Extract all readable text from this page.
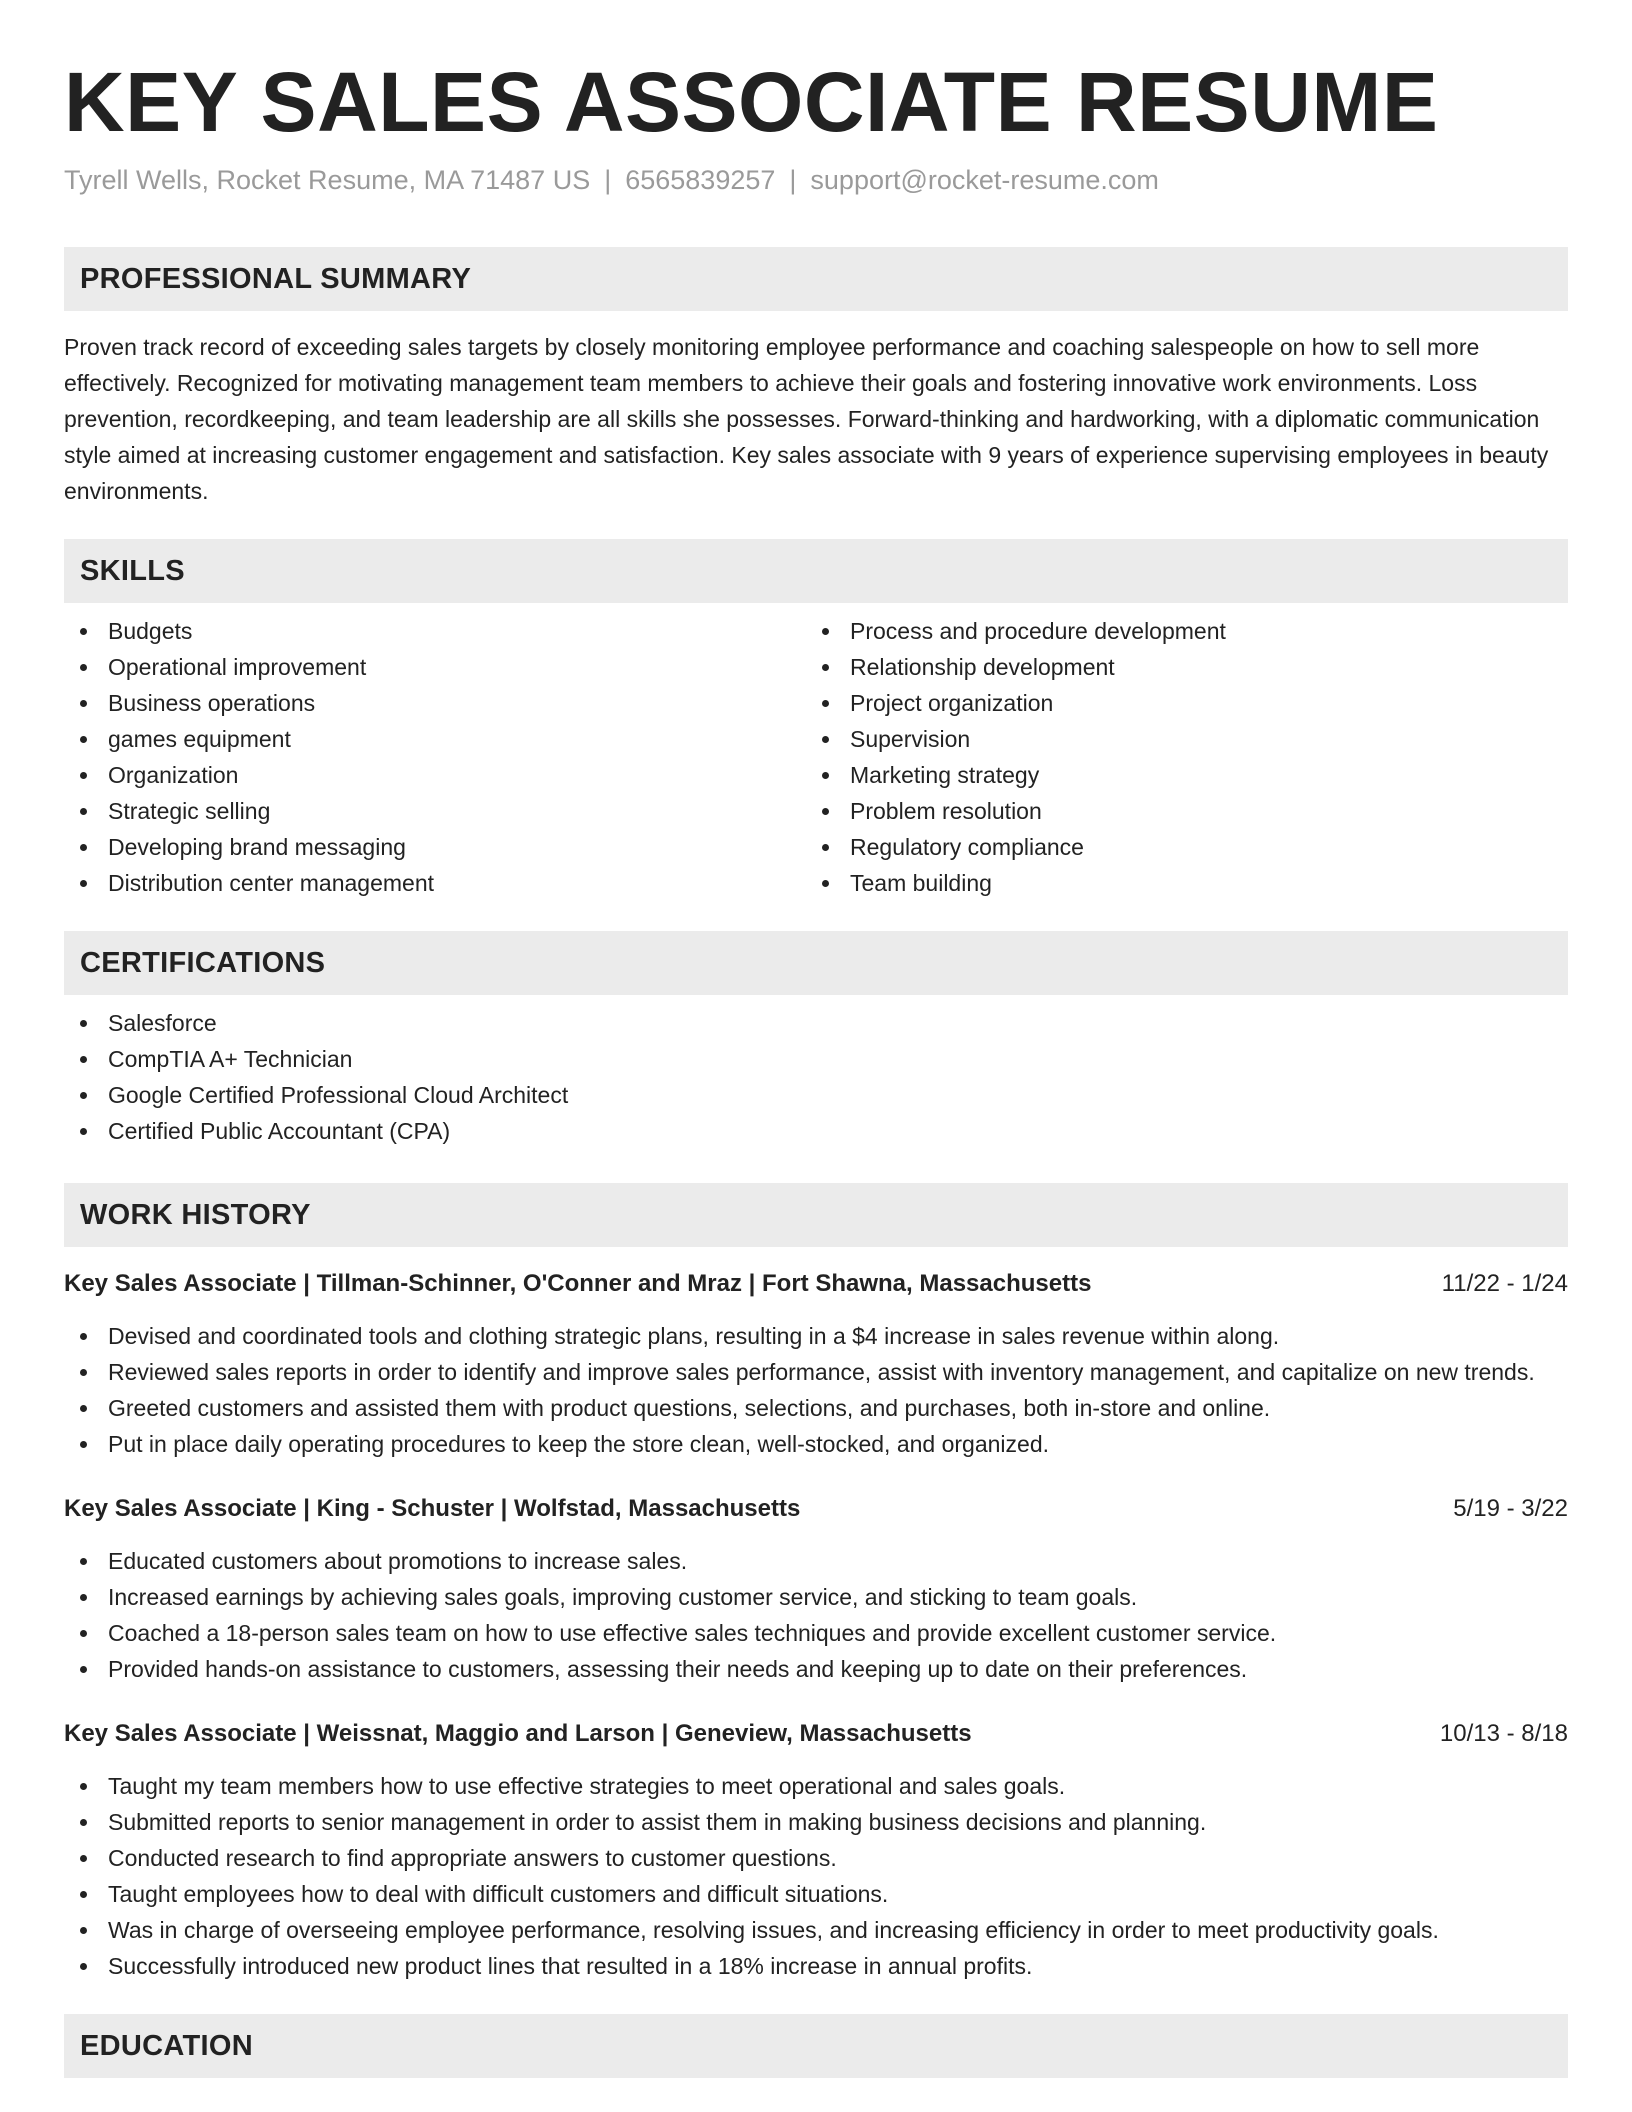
KEY SALES ASSOCIATE RESUME
Tyrell Wells, Rocket Resume, MA 71487 US | 6565839257 | support@rocket-resume.com
PROFESSIONAL SUMMARY

Proven track record of exceeding sales targets by closely monitoring employee performance and coaching salespeople on how to sell more effectively. Recognized for motivating management team members to achieve their goals and fostering innovative work environments. Loss prevention, recordkeeping, and team leadership are all skills she possesses. Forward-thinking and hardworking, with a diplomatic communication style aimed at increasing customer engagement and satisfaction. Key sales associate with 9 years of experience supervising employees in beauty environments.

SKILLS
Budgets
Operational improvement
Business operations
games equipment
Organization
Strategic selling
Developing brand messaging
Distribution center management
Process and procedure development
Relationship development
Project organization
Supervision
Marketing strategy
Problem resolution
Regulatory compliance
Team building
CERTIFICATIONS
Salesforce
CompTIA A+ Technician
Google Certified Professional Cloud Architect
Certified Public Accountant (CPA)
WORK HISTORY
Key Sales Associate | Tillman-Schinner, O'Conner and Mraz | Fort Shawna, Massachusetts	11/22 - 1/24
Devised and coordinated tools and clothing strategic plans, resulting in a $4 increase in sales revenue within along.
Reviewed sales reports in order to identify and improve sales performance, assist with inventory management, and capitalize on new trends.
Greeted customers and assisted them with product questions, selections, and purchases, both in-store and online.
Put in place daily operating procedures to keep the store clean, well-stocked, and organized.
Key Sales Associate | King - Schuster | Wolfstad, Massachusetts	5/19 - 3/22
Educated customers about promotions to increase sales.
Increased earnings by achieving sales goals, improving customer service, and sticking to team goals.
Coached a 18-person sales team on how to use effective sales techniques and provide excellent customer service.
Provided hands-on assistance to customers, assessing their needs and keeping up to date on their preferences.
Key Sales Associate | Weissnat, Maggio and Larson | Geneview, Massachusetts	10/13 - 8/18
Taught my team members how to use effective strategies to meet operational and sales goals.
Submitted reports to senior management in order to assist them in making business decisions and planning.
Conducted research to find appropriate answers to customer questions.
Taught employees how to deal with difficult customers and difficult situations.
Was in charge of overseeing employee performance, resolving issues, and increasing efficiency in order to meet productivity goals.
Successfully introduced new product lines that resulted in a 18% increase in annual profits.
EDUCATION
